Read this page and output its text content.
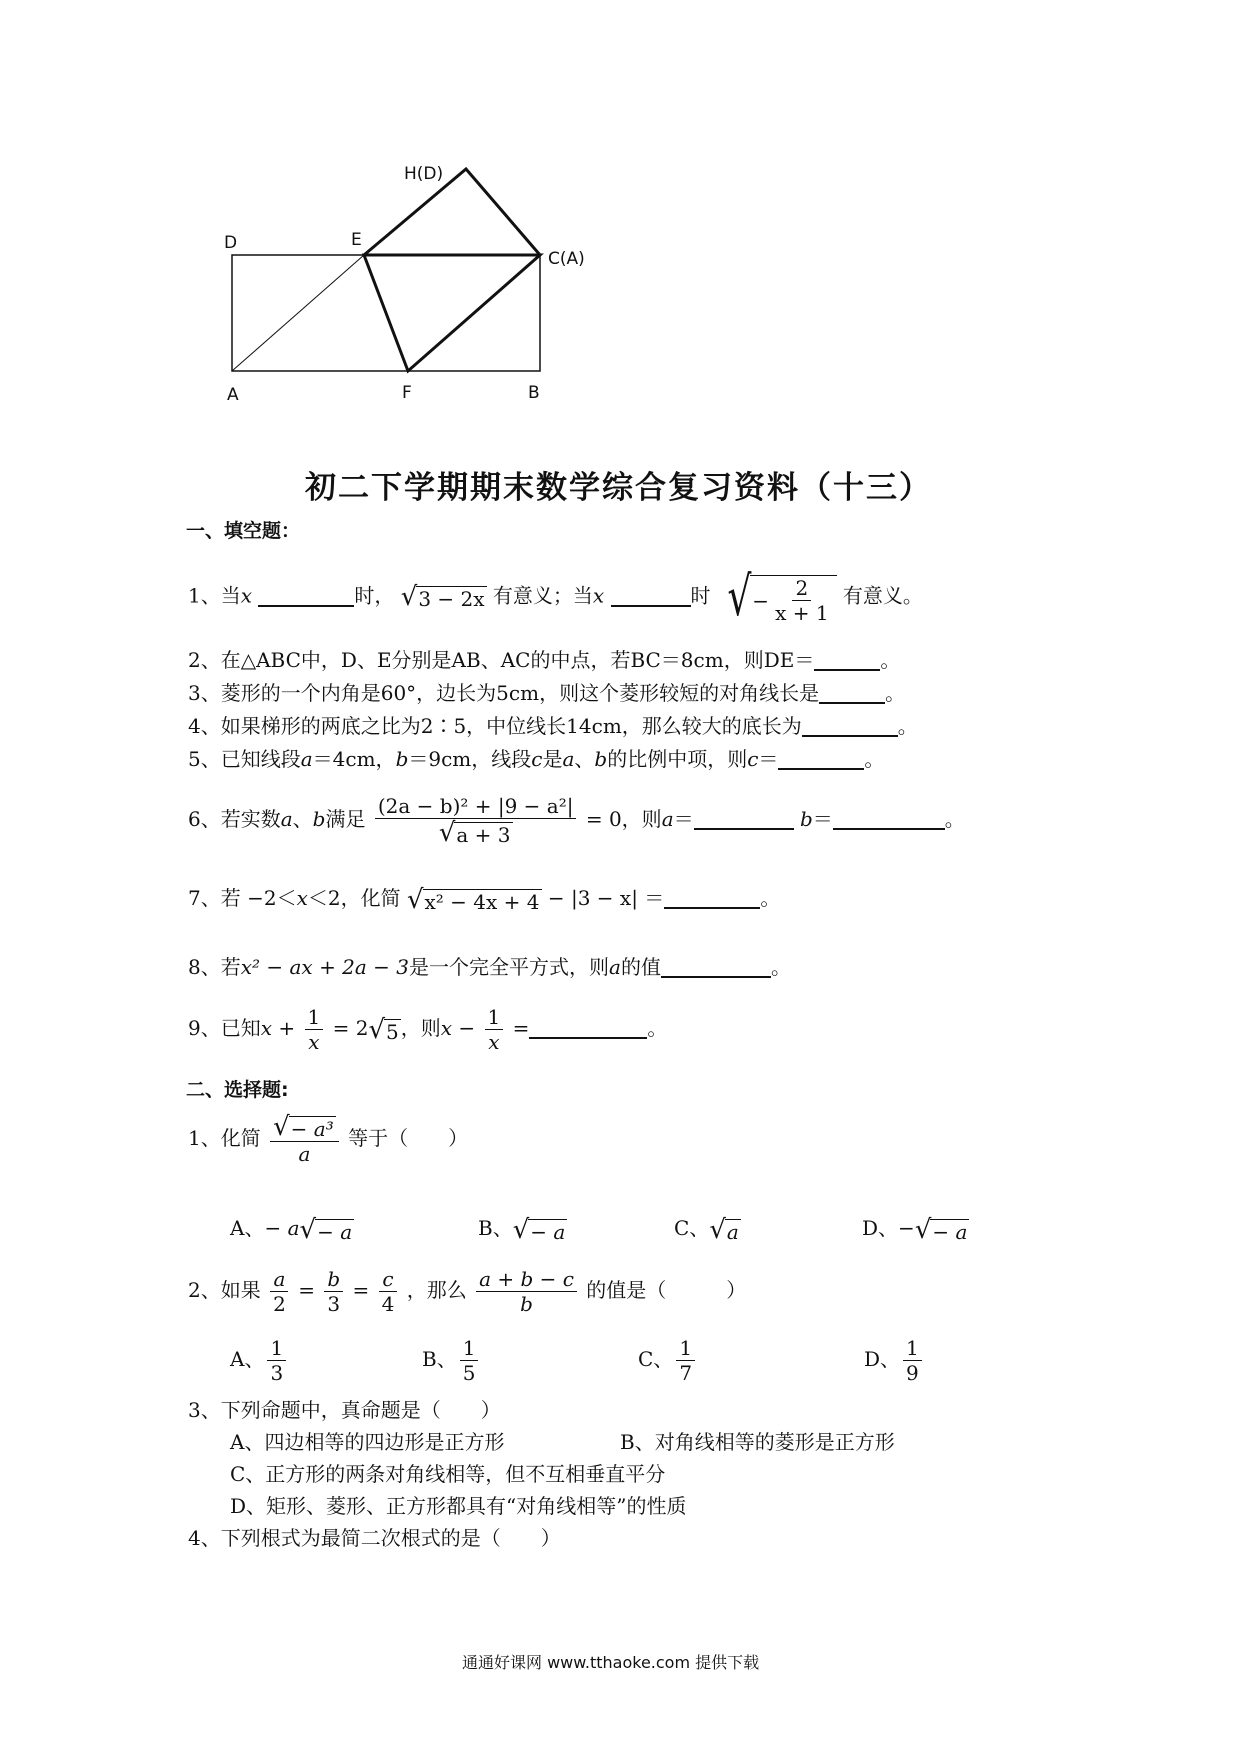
H(D)
D	E
C(A)
A	F	B
初二下学期期末数学综合复习资料（十三）
一、填空题：
1、当x	时， √ 3 − 2x 有意义；当x	时 √ − $\frac{2}{x + 1}$ 有意义。
2、在△ABC中，D、E分别是AB、AC的中点，若BC＝8cm，则DE＝	。
3、菱形的一个内角是60°，边长为5cm，则这个菱形较短的对角线长是	。
4、如果梯形的两底之比为2∶5，中位线长14cm，那么较大的底长为	。
5、已知线段a＝4cm，b＝9cm，线段c是a、b的比例中项，则c＝	。
6、若实数a、b满足 $\frac{\text{(2a − b)² + |9 − a²|}}{√ a + 3} = 0$，则a＝	b＝	。
7、若 −2＜x＜2，化简 √ x² − 4x + 4 − |3 − x| ＝	。
8、若x² − ax + 2a − 3是一个完全平方式，则a的值	。
9、已知$x + \frac{1}{x} = 2$ √ 5 ，则$x - \frac{1}{x}$ =	。
二、选择题:
1、化简 $\frac{\text{√ − a³}}{a}$ 等于（　　）
A、− a √ − a	B、 √ − a	C、 √ a	D、− √ − a
2、如果 $\frac{a}{2} = \frac{b}{3} = \frac{c}{4}$ ，那么 $\frac{a + b - c}{b}$ 的值是（　　　）
A、 $\frac{1}{3}$	B、 $\frac{1}{5}$	C、 $\frac{1}{7}$	D、 $\frac{1}{9}$
3、下列命题中，真命题是（　　）
A、四边相等的四边形是正方形	B、对角线相等的菱形是正方形
C、正方形的两条对角线相等，但不互相垂直平分
D、矩形、菱形、正方形都具有“对角线相等”的性质
4、下列根式为最简二次根式的是（　　）
通通好课网 www.tthaoke.com 提供下载
